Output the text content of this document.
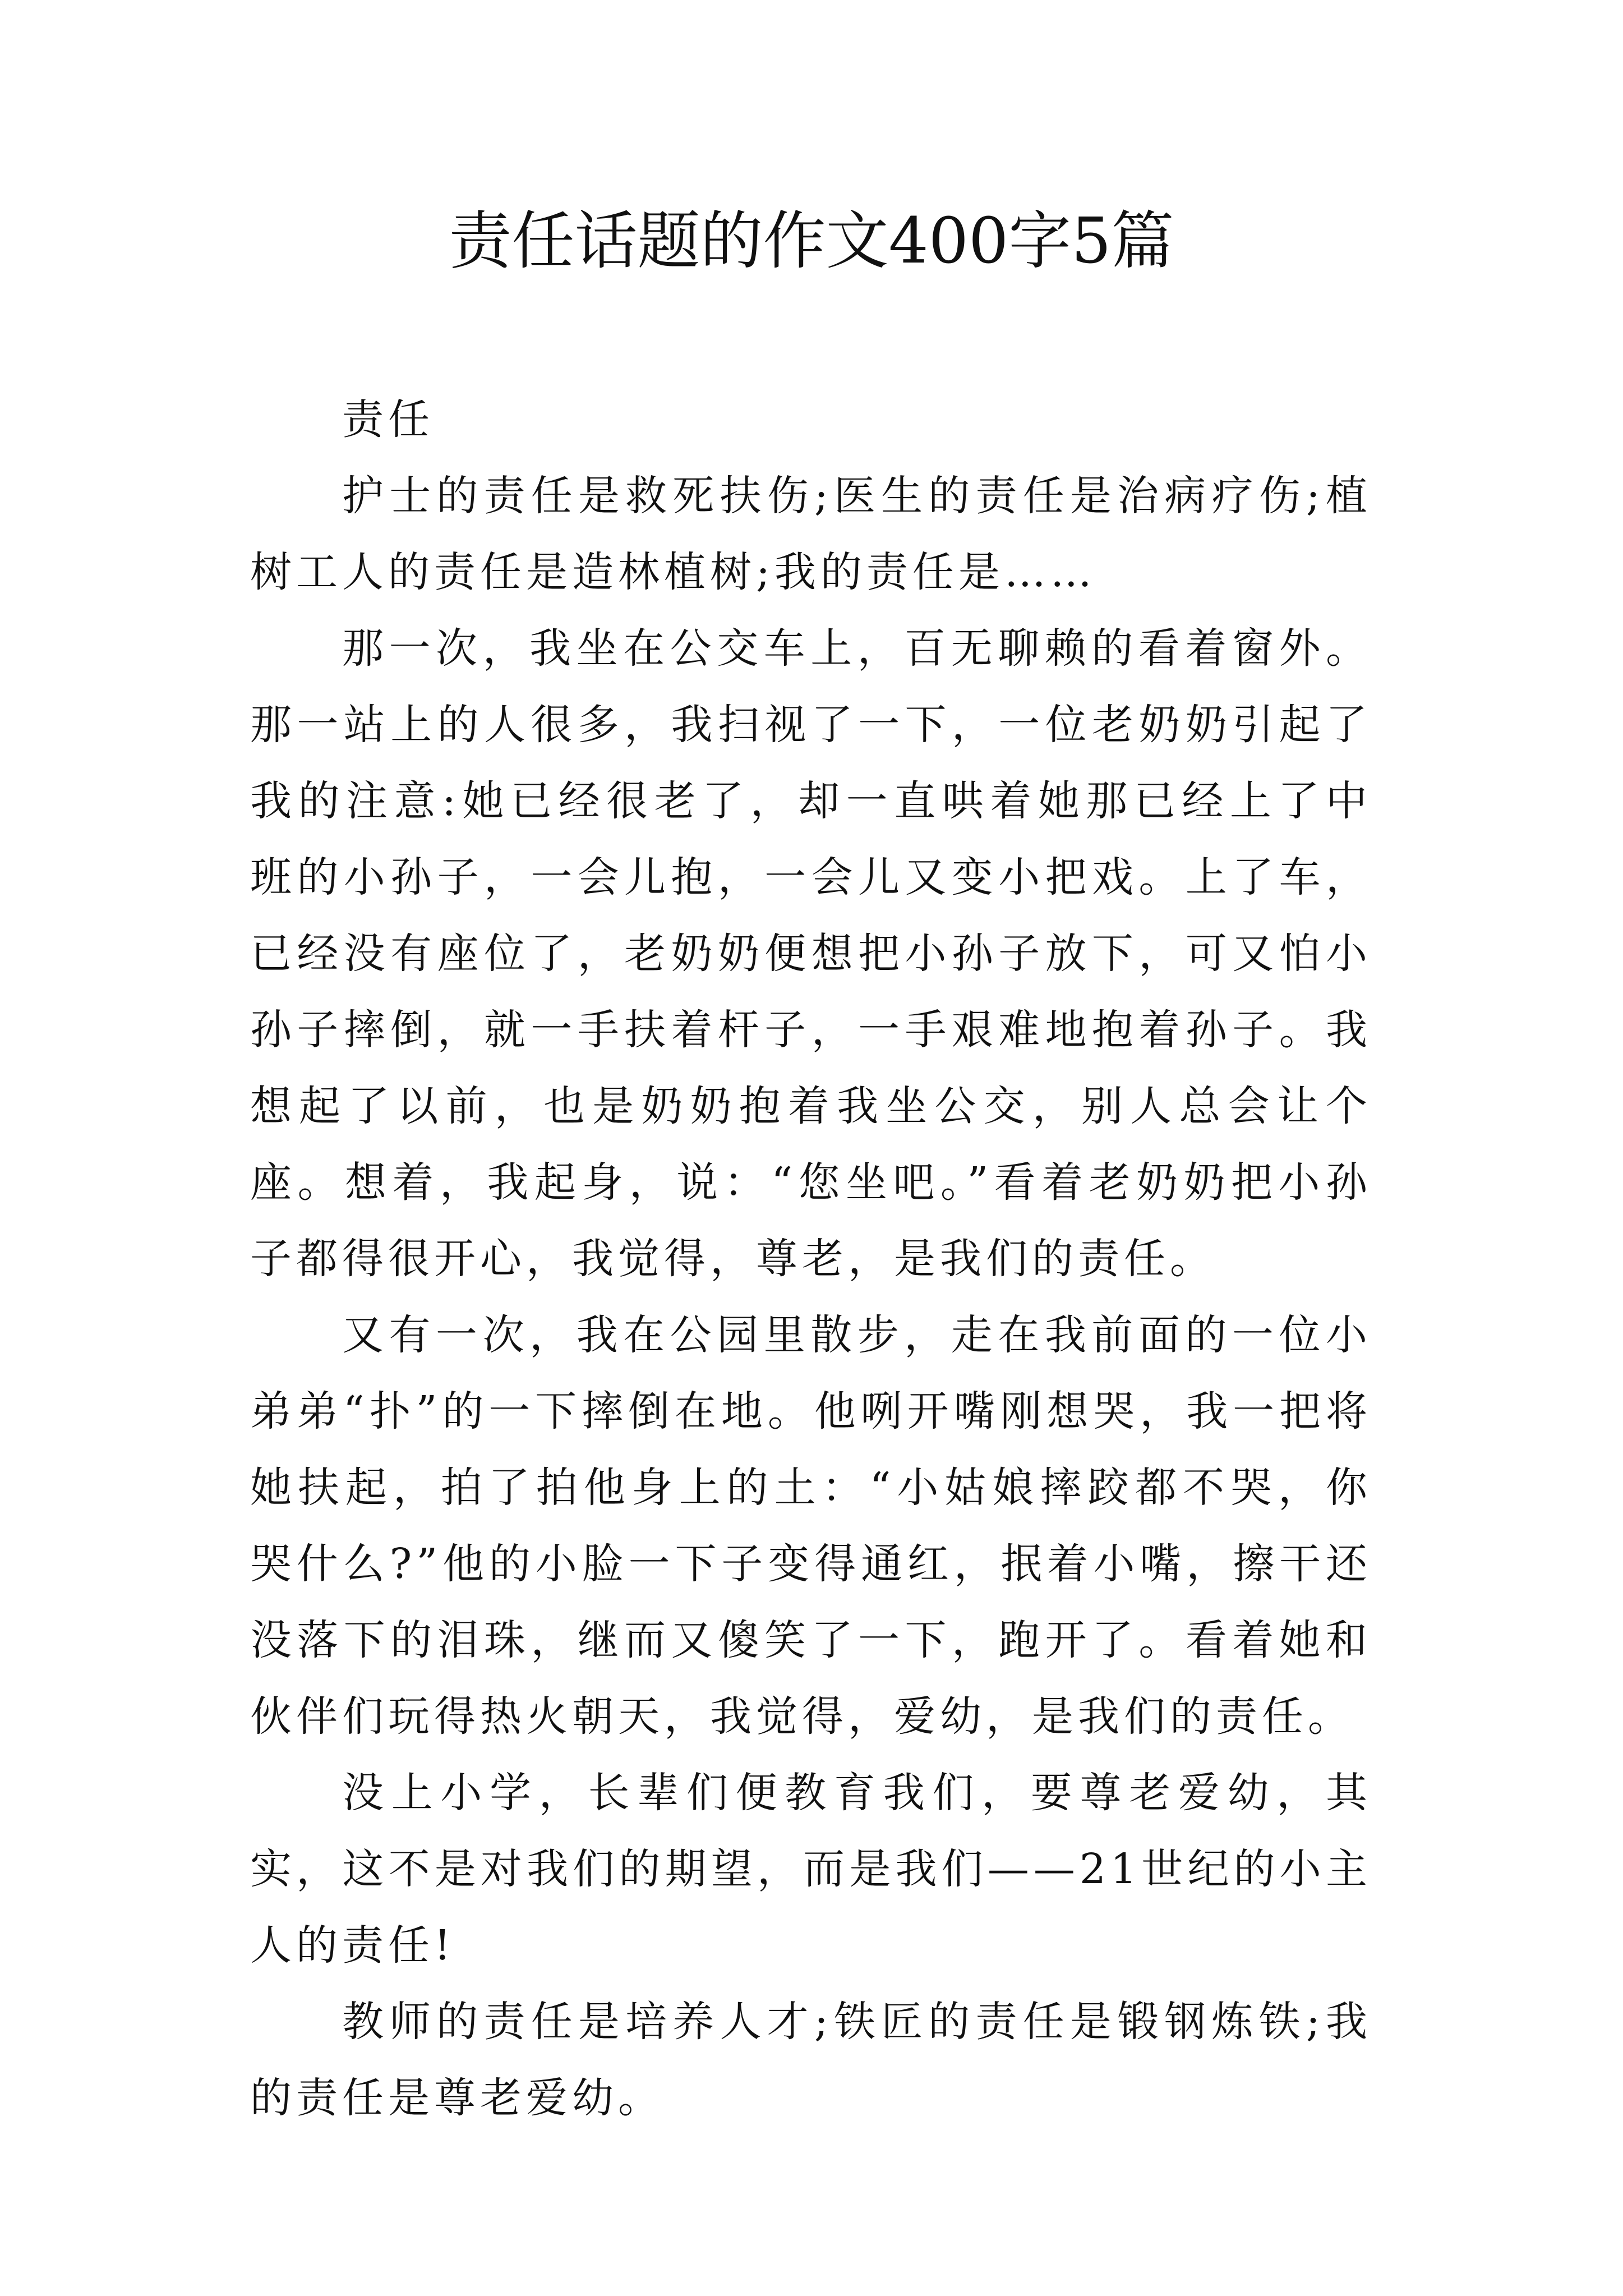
责任话题的作文400字5篇

责任

护士的责任是救死扶伤;医生的责任是治病疗伤;植树工人的责任是造林植树;我的责任是……

那一次，我坐在公交车上，百无聊赖的看着窗外。那一站上的人很多，我扫视了一下，一位老奶奶引起了我的注意:她已经很老了，却一直哄着她那已经上了中班的小孙子，一会儿抱，一会儿又变小把戏。上了车，已经没有座位了，老奶奶便想把小孙子放下，可又怕小孙子摔倒，就一手扶着杆子，一手艰难地抱着孙子。我想起了以前，也是奶奶抱着我坐公交，别人总会让个座。想着，我起身，说：“您坐吧。”看着老奶奶把小孙子都得很开心，我觉得，尊老，是我们的责任。

又有一次，我在公园里散步，走在我前面的一位小弟弟“扑”的一下摔倒在地。他咧开嘴刚想哭，我一把将她扶起，拍了拍他身上的土：“小姑娘摔跤都不哭，你哭什么?”他的小脸一下子变得通红，抿着小嘴，擦干还没落下的泪珠，继而又傻笑了一下，跑开了。看着她和伙伴们玩得热火朝天，我觉得，爱幼，是我们的责任。

没上小学，长辈们便教育我们，要尊老爱幼，其实，这不是对我们的期望，而是我们——21世纪的小主人的责任!

教师的责任是培养人才;铁匠的责任是锻钢炼铁;我的责任是尊老爱幼。
